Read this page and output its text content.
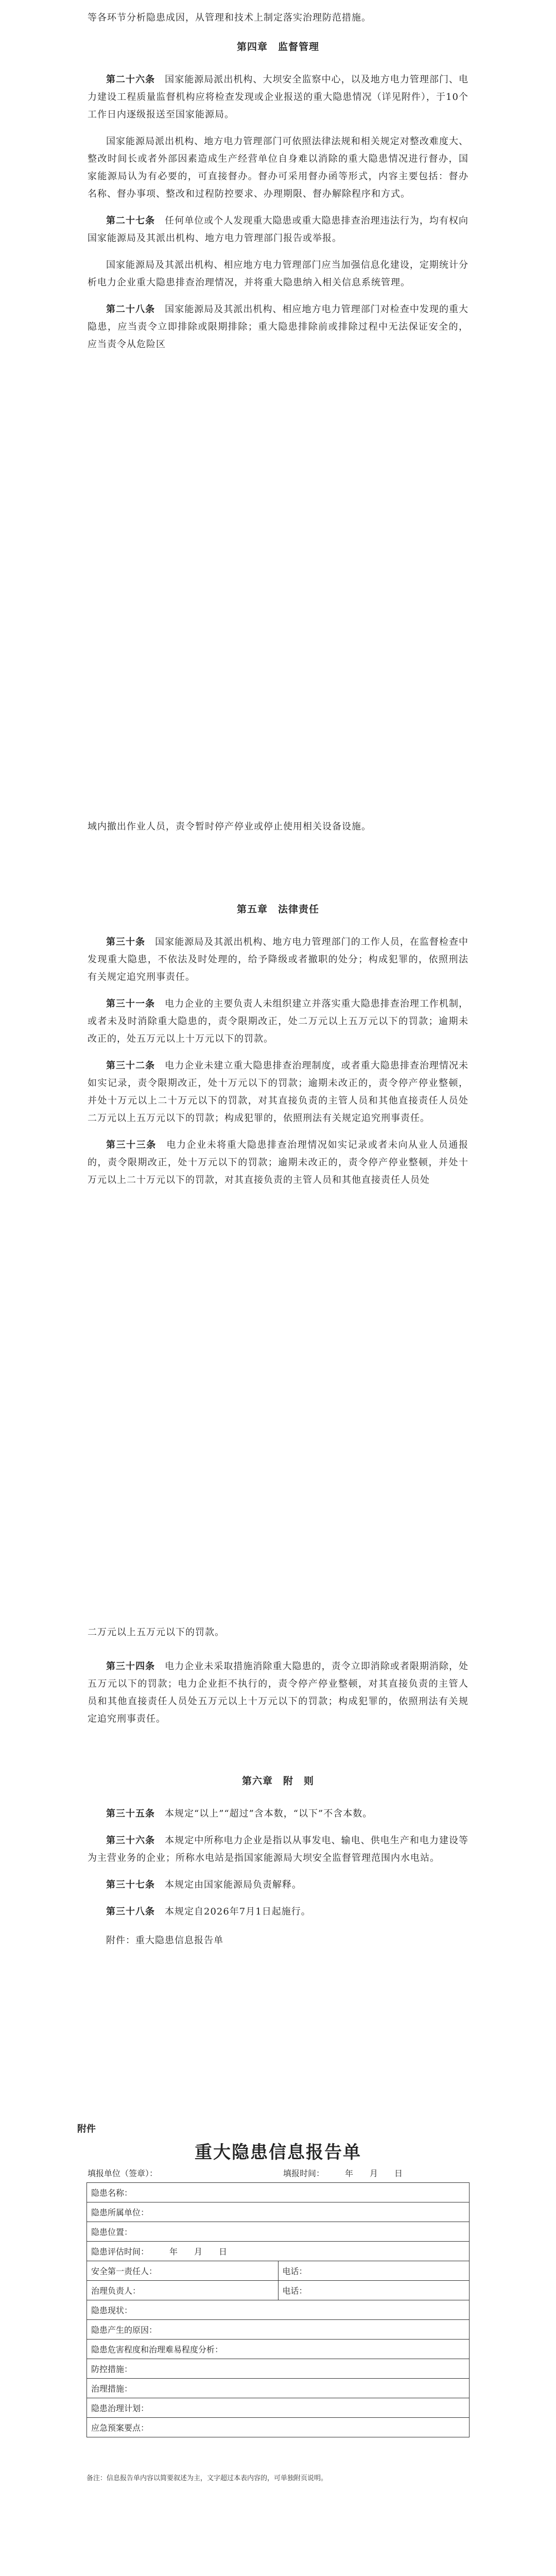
等各环节分析隐患成因，从管理和技术上制定落实治理防范措施。

第四章　监督管理

第二十六条　 国家能源局派出机构、大坝安全监察中心，以及地方电力管理部门、电力建设工程质量监督机构应将检查发现或企业报送的重大隐患情况（详见附件），于10个工作日内逐级报送至国家能源局。

国家能源局派出机构、地方电力管理部门可依照法律法规和相关规定对整改难度大、整改时间长或者外部因素造成生产经营单位自身难以消除的重大隐患情况进行督办，国家能源局认为有必要的，可直接督办。督办可采用督办函等形式，内容主要包括：督办名称、督办事项、整改和过程防控要求、办理期限、督办解除程序和方式。

第二十七条　 任何单位或个人发现重大隐患或重大隐患排查治理违法行为，均有权向国家能源局及其派出机构、地方电力管理部门报告或举报。

国家能源局及其派出机构、相应地方电力管理部门应当加强信息化建设，定期统计分析电力企业重大隐患排查治理情况，并将重大隐患纳入相关信息系统管理。

第二十八条　 国家能源局及其派出机构、相应地方电力管理部门对检查中发现的重大隐患，应当责令立即排除或限期排除；重大隐患排除前或排除过程中无法保证安全的，应当责令从危险区

域内撤出作业人员，责令暂时停产停业或停止使用相关设备设施。

第五章　法律责任

第三十条　 国家能源局及其派出机构、地方电力管理部门的工作人员，在监督检查中发现重大隐患，不依法及时处理的，给予降级或者撤职的处分；构成犯罪的，依照刑法有关规定追究刑事责任。

第三十一条　 电力企业的主要负责人未组织建立并落实重大隐患排查治理工作机制，或者未及时消除重大隐患的，责令限期改正，处二万元以上五万元以下的罚款；逾期未改正的，处五万元以上十万元以下的罚款。

第三十二条　 电力企业未建立重大隐患排查治理制度，或者重大隐患排查治理情况未如实记录，责令限期改正，处十万元以下的罚款；逾期未改正的，责令停产停业整顿，并处十万元以上二十万元以下的罚款，对其直接负责的主管人员和其他直接责任人员处二万元以上五万元以下的罚款；构成犯罪的，依照刑法有关规定追究刑事责任。

第三十三条　 电力企业未将重大隐患排查治理情况如实记录或者未向从业人员通报的，责令限期改正，处十万元以下的罚款；逾期未改正的，责令停产停业整顿，并处十万元以上二十万元以下的罚款，对其直接负责的主管人员和其他直接责任人员处

二万元以上五万元以下的罚款。

第三十四条　 电力企业未采取措施消除重大隐患的，责令立即消除或者限期消除，处五万元以下的罚款；电力企业拒不执行的，责令停产停业整顿，对其直接负责的主管人员和其他直接责任人员处五万元以上十万元以下的罚款；构成犯罪的，依照刑法有关规定追究刑事责任。

第六章　附　则

第三十五条　 本规定“以上”“超过”含本数，“以下”不含本数。

第三十六条　 本规定中所称电力企业是指以从事发电、输电、供电生产和电力建设等为主营业务的企业；所称水电站是指国家能源局大坝安全监督管理范围内水电站。

第三十七条　 本规定由国家能源局负责解释。

第三十八条　 本规定自2026年7月1日起施行。

附件：重大隐患信息报告单

附件
重大隐患信息报告单
填报单位（签章）：	填报时间：　　　年　　月　　日
隐患名称：	
隐患所属单位：	
隐患位置：	
隐患评估时间：　　　年　　月　　日	
安全第一责任人：	电话：
治理负责人：	电话：
隐患现状：	
隐患产生的原因：	
隐患危害程度和治理难易程度分析：	
防控措施：	
治理措施：	
隐患治理计划：	
应急预案要点：	
备注：信息报告单内容以简要叙述为主，文字超过本表内容的，可单独附页说明。
